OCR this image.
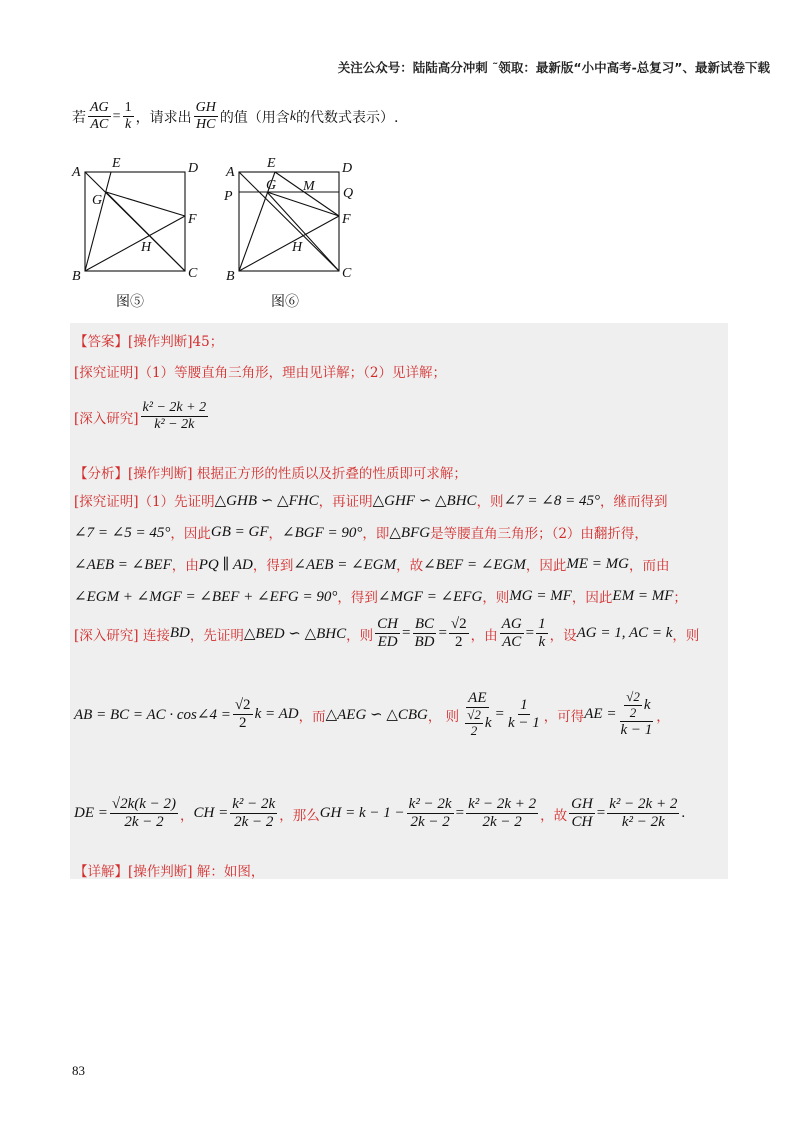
关注公众号：陆陆高分冲刺 ˜领取：最新版“小中高考-总复习”、最新试卷下载
若 $\frac{AG}{AC} = \frac{1}{k}$ ，请求出 $\frac{GH}{HC}$ 的值（用含 k 的代数式表示）.
A
E	D
G
F
H
B	C
图⑤
A
E	D
P
G M Q
F
H
B	C
图⑥
【答案】 [操作判断]45；
[探究证明]（1）等腰直角三角形，理由见详解；（2）见详解；
[深入研究] $\frac{\text{k² − 2k + 2}}{\text{k² − 2k}}$
【分析】 [操作判断] 根据正方形的性质以及折叠的性质即可求解；
[探究证明]（1）先证明 △GHB ∽ △FHC ，再证明 △GHF ∽ △BHC ，则 ∠7 = ∠8 = 45° ，继而得到
∠7 = ∠5 = 45° ，因此 GB = GF ， ∠BGF = 90° ，即 △BFG 是等腰直角三角形；（2）由翻折得，
∠AEB = ∠BEF ，由 PQ ∥ AD ，得到 ∠AEB = ∠EGM ，故 ∠BEF = ∠EGM ，因此 ME = MG ，而由
∠EGM + ∠MGF = ∠BEF + ∠EFG = 90° ，得到 ∠MGF = ∠EFG ，则 MG = MF ，因此 EM = MF ；
[深入研究] 连接 BD ，先证明 △BED ∽ △BHC ，则 $\frac{CH}{ED} = \frac{BC}{BD} = \frac{√2}{2}$ ，由 $\frac{AG}{AC} = \frac{1}{k}$ ，设 AG = 1, AC = k ，则
AB = BC = AC · cos∠4 = $\frac{√2}{2}$ k = AD ，而 △AEG ∽ △CBG ， 则 $\frac{AE}{\frac{√2}{2} k} = \frac{1}{k - 1}$ ，可得 AE = $\frac{\frac{√2}{2} k}{k - 1}$ ，
DE = $\frac{√2k(k - 2)}{2k - 2}$ ， CH = $\frac{\text{k² − 2k}}{2k - 2}$ ，那么 GH = $k - 1 - \frac{\text{k² − 2k}}{2k - 2} = \frac{\text{k² − 2k + 2}}{2k - 2}$ ，故 $\frac{GH}{CH} = \frac{\text{k² − 2k + 2}}{\text{k² − 2k}}$ .
【详解】 [操作判断] 解：如图，
83
